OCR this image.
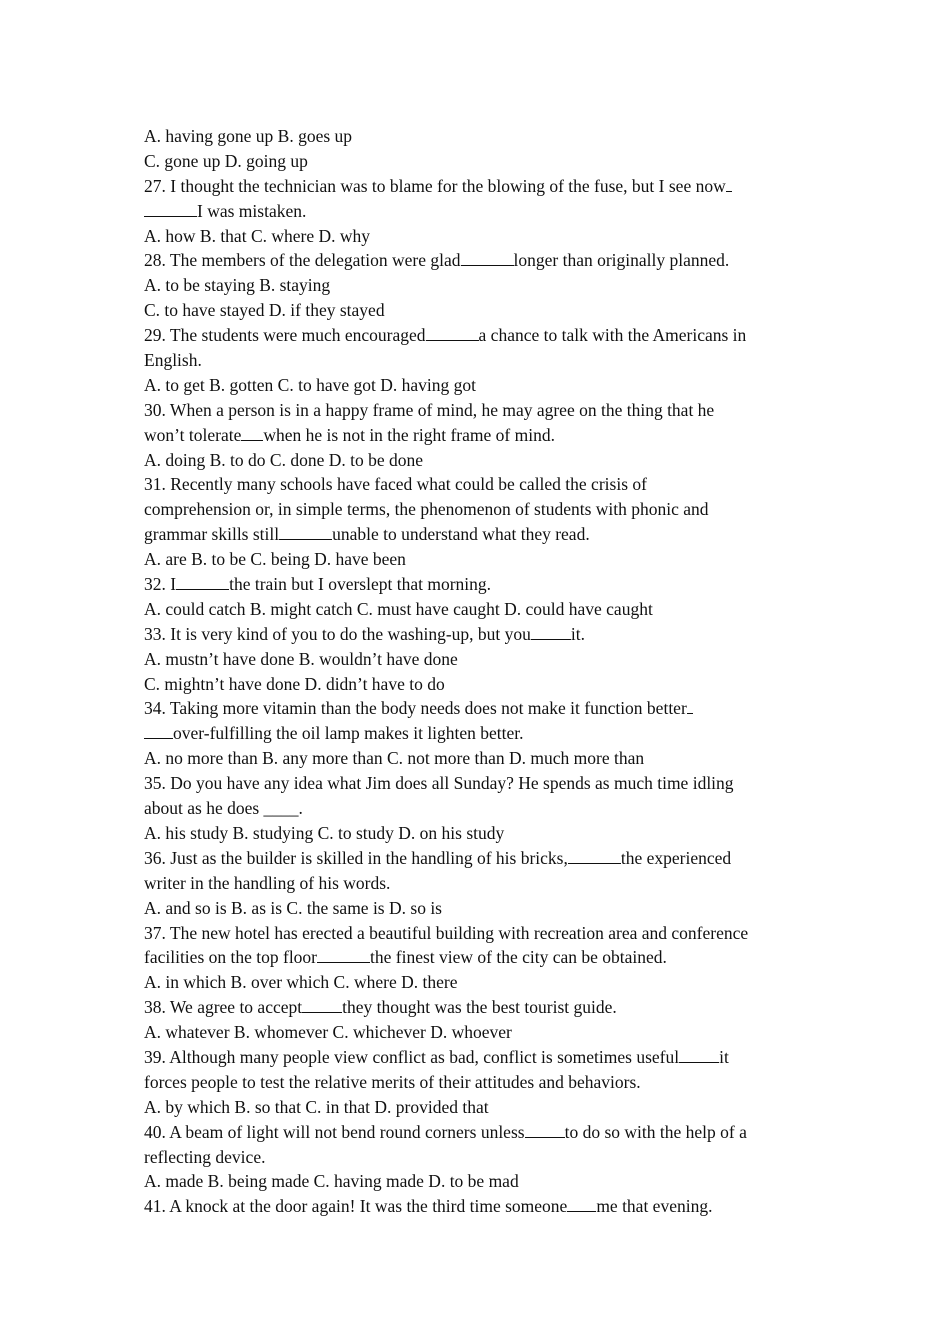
A. having gone up B. goes up
C. gone up D. going up
27. I thought the technician was to blame for the blowing of the fuse, but I see now
I was mistaken.
A. how B. that C. where D. why
28. The members of the delegation were glad	longer than originally planned.
A. to be staying B. staying
C. to have stayed D. if they stayed
29. The students were much encouraged	a chance to talk with the Americans in
English.
A. to get B. gotten C. to have got D. having got
30. When a person is in a happy frame of mind, he may agree on the thing that he
won’t tolerate when he is not in the right frame of mind.
A. doing B. to do C. done D. to be done
31. Recently many schools have faced what could be called the crisis of
comprehension or, in simple terms, the phenomenon of students with phonic and
grammar skills still	unable to understand what they read.
A. are B. to be C. being D. have been
32. I	the train but I overslept that morning.
A. could catch B. might catch C. must have caught D. could have caught
33. It is very kind of you to do the washing-up, but you it.
A. mustn’t have done B. wouldn’t have done
C. mightn’t have done D. didn’t have to do
34. Taking more vitamin than the body needs does not make it function better
over-fulfilling the oil lamp makes it lighten better.
A. no more than B. any more than C. not more than D. much more than
35. Do you have any idea what Jim does all Sunday? He spends as much time idling
about as he does ____.
A. his study B. studying C. to study D. on his study
36. Just as the builder is skilled in the handling of his bricks,	the experienced
writer in the handling of his words.
A. and so is B. as is C. the same is D. so is
37. The new hotel has erected a beautiful building with recreation area and conference
facilities on the top floor	the finest view of the city can be obtained.
A. in which B. over which C. where D. there
38. We agree to accept they thought was the best tourist guide.
A. whatever B. whomever C. whichever D. whoever
39. Although many people view conflict as bad, conflict is sometimes useful it
forces people to test the relative merits of their attitudes and behaviors.
A. by which B. so that C. in that D. provided that
40. A beam of light will not bend round corners unless to do so with the help of a
reflecting device.
A. made B. being made C. having made D. to be mad
41. A knock at the door again! It was the third time someone me that evening.
